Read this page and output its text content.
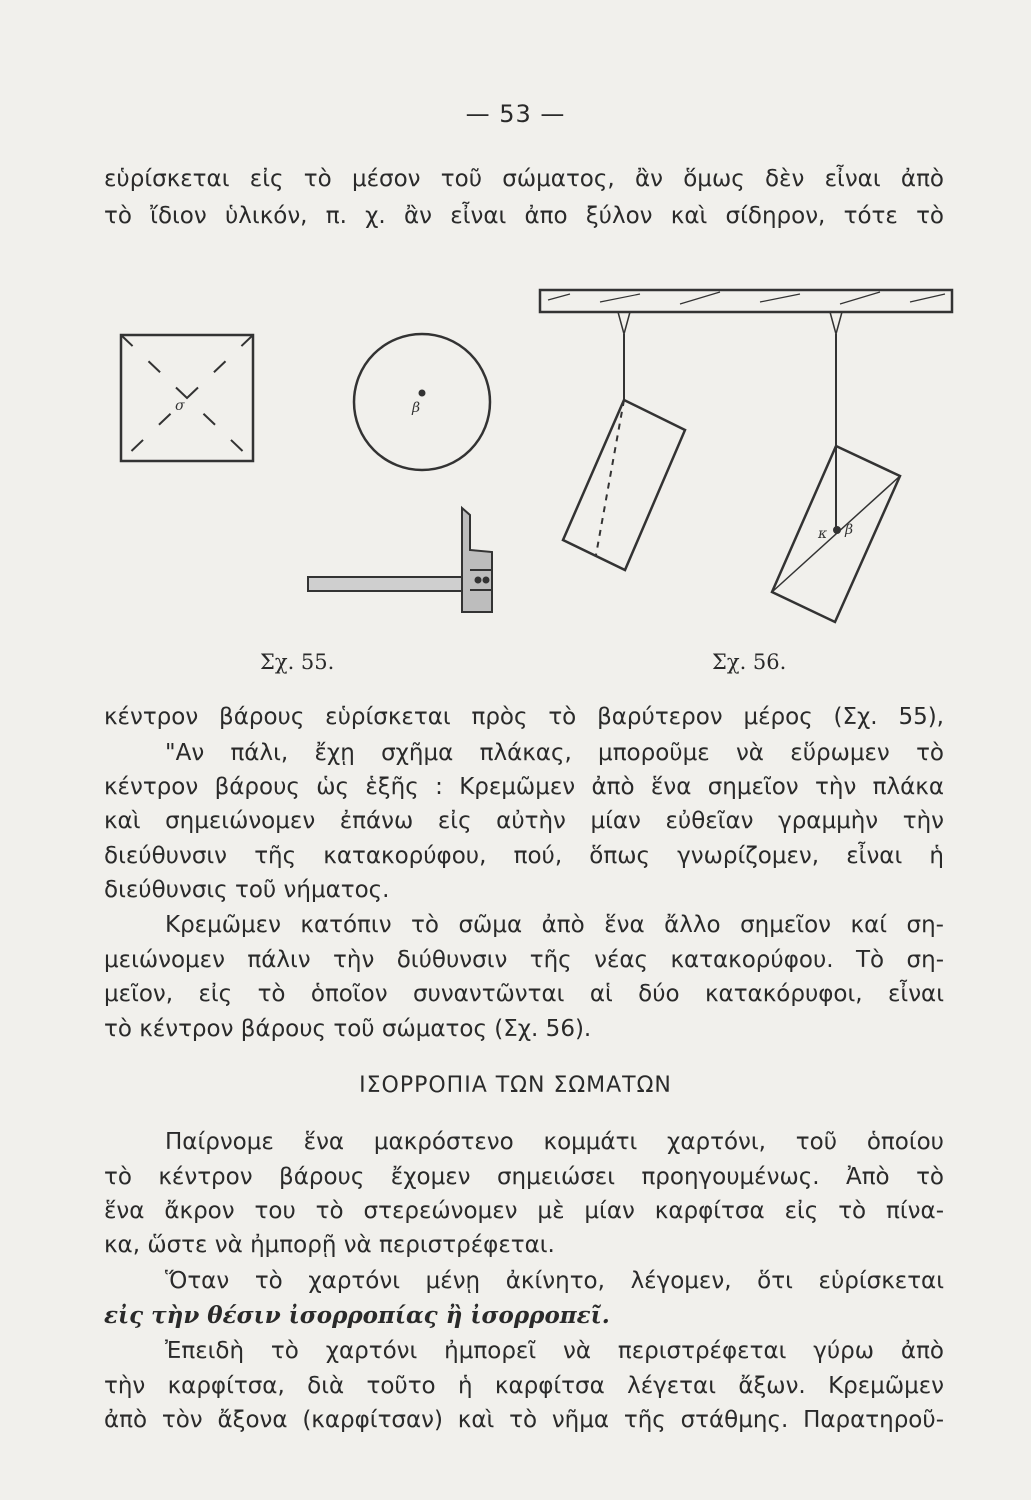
— 53 —
εὑρίσκεται εἰς τὸ μέσον τοῦ σώματος, ἂν ὅμως δὲν εἶναι ἀπὸ
τὸ ἴδιον ὑλικόν, π. χ. ἂν εἶναι ἀπο ξύλον καὶ σίδηρον, τότε τὸ
σ	β
κ β
Σχ. 55.	Σχ. 56.
κέντρον βάρους εὑρίσκεται πρὸς τὸ βαρύτερον μέρος (Σχ. 55),
"Αν πάλι, ἔχῃ σχῆμα πλάκας, μποροῦμε νὰ εὕρωμεν τὸ
κέντρον βάρους ὡς ἑξῆς : Κρεμῶμεν ἀπὸ ἕνα σημεῖον τὴν πλάκα
καὶ σημειώνομεν ἐπάνω εἰς αὐτὴν μίαν εὐθεῖαν γραμμὴν τὴν
διεύθυνσιν τῆς κατακορύφου, πού, ὅπως γνωρίζομεν, εἶναι ἡ
διεύθυνσις τοῦ νήματος.
Κρεμῶμεν κατόπιν τὸ σῶμα ἀπὸ ἕνα ἄλλο σημεῖον καί ση-
μειώνομεν πάλιν τὴν διύθυνσιν τῆς νέας κατακορύφου. Τὸ ση-
μεῖον, εἰς τὸ ὁποῖον συναντῶνται αἱ δύο κατακόρυφοι, εἶναι
τὸ κέντρον βάρους τοῦ σώματος (Σχ. 56).
ΙΣΟΡΡΟΠΙΑ ΤΩΝ ΣΩΜΑΤΩΝ
Παίρνομε ἕνα μακρόστενο κομμάτι χαρτόνι, τοῦ ὁποίου
τὸ κέντρον βάρους ἔχομεν σημειώσει προηγουμένως. Ἀπὸ τὸ
ἕνα ἄκρον του τὸ στερεώνομεν μὲ μίαν καρφίτσα εἰς τὸ πίνα-
κα, ὥστε νὰ ἠμπορῇ νὰ περιστρέφεται.
Ὅταν τὸ χαρτόνι μένῃ ἀκίνητο, λέγομεν, ὅτι εὑρίσκεται
εἰς τὴν θέσιν ἰσορροπίας ἢ ἰσορροπεῖ.
Ἐπειδὴ τὸ χαρτόνι ἠμπορεῖ νὰ περιστρέφεται γύρω ἀπὸ
τὴν καρφίτσα, διὰ τοῦτο ἡ καρφίτσα λέγεται ἄξων. Κρεμῶμεν
ἀπὸ τὸν ἄξονα (καρφίτσαν) καὶ τὸ νῆμα τῆς στάθμης. Παρατηροῦ-
